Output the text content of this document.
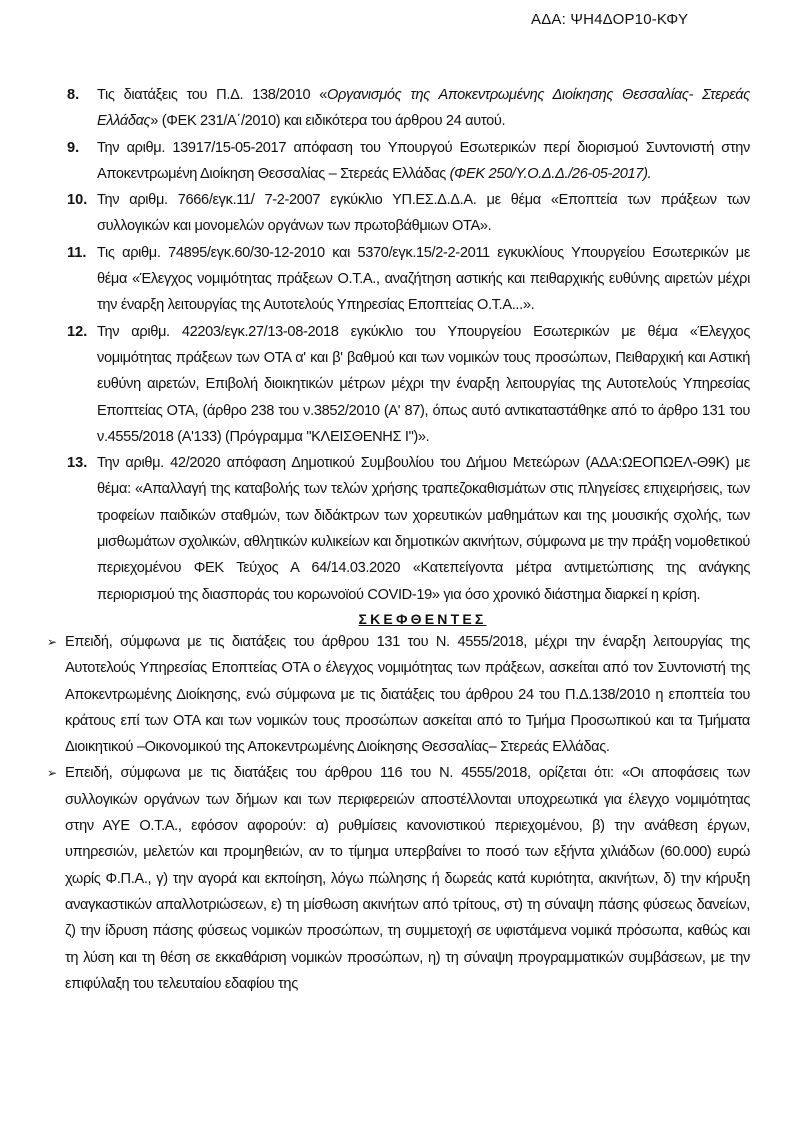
ΑΔΑ: ΨΗ4ΔΟΡ10-ΚΦΥ
8. Τις διατάξεις του Π.Δ. 138/2010 «Οργανισμός της Αποκεντρωμένης Διοίκησης Θεσσαλίας- Στερεάς Ελλάδας» (ΦΕΚ 231/Α΄/2010) και ειδικότερα του άρθρου 24 αυτού.

9. Την αριθμ. 13917/15-05-2017 απόφαση του Υπουργού Εσωτερικών περί διορισμού Συντονιστή στην Αποκεντρωμένη Διοίκηση Θεσσαλίας – Στερεάς Ελλάδας (ΦΕΚ 250/Υ.Ο.Δ.Δ./26-05-2017).

10. Την αριθμ. 7666/εγκ.11/ 7-2-2007 εγκύκλιο ΥΠ.ΕΣ.Δ.Δ.Α. με θέμα «Εποπτεία των πράξεων των συλλογικών και μονομελών οργάνων των πρωτοβάθμιων ΟΤΑ».

11. Τις αριθμ. 74895/εγκ.60/30-12-2010 και 5370/εγκ.15/2-2-2011 εγκυκλίους Υπουργείου Εσωτερικών με θέμα «Έλεγχος νομιμότητας πράξεων Ο.Τ.Α., αναζήτηση αστικής και πειθαρχικής ευθύνης αιρετών μέχρι την έναρξη λειτουργίας της Αυτοτελούς Υπηρεσίας Εποπτείας Ο.Τ.Α...».

12. Την αριθμ. 42203/εγκ.27/13-08-2018 εγκύκλιο του Υπουργείου Εσωτερικών με θέμα «Έλεγχος νομιμότητας πράξεων των ΟΤΑ α' και β' βαθμού και των νομικών τους προσώπων, Πειθαρχική και Αστική ευθύνη αιρετών, Επιβολή διοικητικών μέτρων μέχρι την έναρξη λειτουργίας της Αυτοτελούς Υπηρεσίας Εποπτείας ΟΤΑ, (άρθρο 238 του ν.3852/2010 (Α' 87), όπως αυτό αντικαταστάθηκε από το άρθρο 131 του ν.4555/2018 (Α'133) (Πρόγραμμα "ΚΛΕΙΣΘΕΝΗΣ Ι")».

13. Την αριθμ. 42/2020 απόφαση Δημοτικού Συμβουλίου του Δήμου Μετεώρων (ΑΔΑ:ΩΕΟΠΩΕΛ-Θ9Κ) με θέμα: «Απαλλαγή της καταβολής των τελών χρήσης τραπεζοκαθισμάτων στις πληγείσες επιχειρήσεις, των τροφείων παιδικών σταθμών, των διδάκτρων των χορευτικών μαθημάτων και της μουσικής σχολής, των μισθωμάτων σχολικών, αθλητικών κυλικείων και δημοτικών ακινήτων, σύμφωνα με την πράξη νομοθετικού περιεχομένου ΦΕΚ Τεύχος Α 64/14.03.2020 «Κατεπείγοντα μέτρα αντιμετώπισης της ανάγκης περιορισμού της διασποράς του κορωνοϊού COVID-19» για όσο χρονικό διάστημα διαρκεί η κρίση.

ΣΚΕΦΘΕΝΤΕΣ
➢ Επειδή, σύμφωνα με τις διατάξεις του άρθρου 131 του Ν. 4555/2018, μέχρι την έναρξη λειτουργίας της Αυτοτελούς Υπηρεσίας Εποπτείας ΟΤΑ ο έλεγχος νομιμότητας των πράξεων, ασκείται από τον Συντονιστή της Αποκεντρωμένης Διοίκησης, ενώ σύμφωνα με τις διατάξεις του άρθρου 24 του Π.Δ.138/2010 η εποπτεία του κράτους επί των ΟΤΑ και των νομικών τους προσώπων ασκείται από το Τμήμα Προσωπικού και τα Τμήματα Διοικητικού –Οικονομικού της Αποκεντρωμένης Διοίκησης Θεσσαλίας– Στερεάς Ελλάδας.

➢ Επειδή, σύμφωνα με τις διατάξεις του άρθρου 116 του Ν. 4555/2018, ορίζεται ότι: «Οι αποφάσεις των συλλογικών οργάνων των δήμων και των περιφερειών αποστέλλονται υποχρεωτικά για έλεγχο νομιμότητας στην ΑΥΕ Ο.Τ.Α., εφόσον αφορούν: α) ρυθμίσεις κανονιστικού περιεχομένου, β) την ανάθεση έργων, υπηρεσιών, μελετών και προμηθειών, αν το τίμημα υπερβαίνει το ποσό των εξήντα χιλιάδων (60.000) ευρώ χωρίς Φ.Π.Α., γ) την αγορά και εκποίηση, λόγω πώλησης ή δωρεάς κατά κυριότητα, ακινήτων, δ) την κήρυξη αναγκαστικών απαλλοτριώσεων, ε) τη μίσθωση ακινήτων από τρίτους, στ) τη σύναψη πάσης φύσεως δανείων, ζ) την ίδρυση πάσης φύσεως νομικών προσώπων, τη συμμετοχή σε υφιστάμενα νομικά πρόσωπα, καθώς και τη λύση και τη θέση σε εκκαθάριση νομικών προσώπων, η) τη σύναψη προγραμματικών συμβάσεων, με την επιφύλαξη του τελευταίου εδαφίου της
